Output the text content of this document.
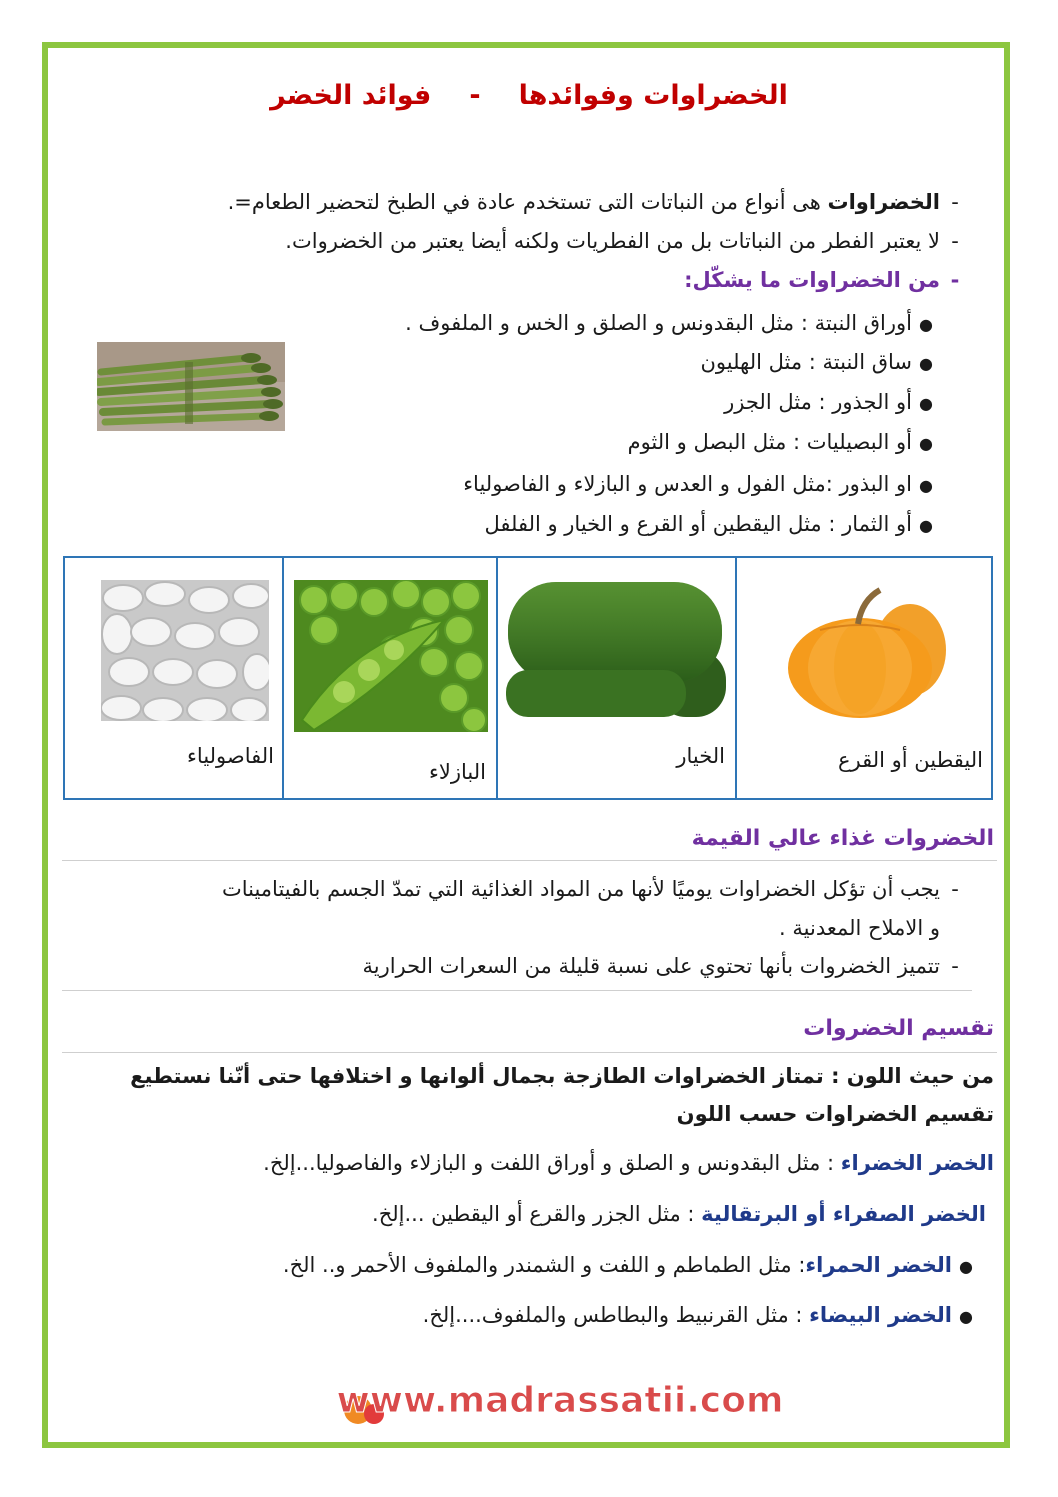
الخضراوات وفوائدها-فوائد الخضر
-الخضراوات هى أنواع من النباتات التى تستخدم عادة في الطبخ لتحضير الطعام=.
-لا يعتبر الفطر من النباتات بل من الفطريات ولكنه أيضا يعتبر من الخضروات.
-من الخضراوات ما يشكّل:
●أوراق النبتة : مثل البقدونس و الصلق و الخس و الملفوف .
●ساق النبتة : مثل الهليون
●أو الجذور : مثل الجزر
●أو البصيليات : مثل البصل و الثوم
●او البذور :مثل الفول و العدس و البازلاء و الفاصولياء
●أو الثمار : مثل اليقطين أو القرع و الخيار و الفلفل
اليقطين أو القرع
الخيار
البازلاء
الفاصولياء
الخضروات غذاء عالي القيمة
-يجب أن تؤكل الخضراوات يوميًا لأنها من المواد الغذائية التي تمدّ الجسم بالفيتامينات
و الاملاح المعدنية .
-تتميز الخضروات بأنها تحتوي على نسبة قليلة من السعرات الحرارية
تقسيم الخضروات
من حيث اللون : تمتاز الخضراوات الطازجة بجمال ألوانها و اختلافها حتى أنّنا نستطيع
تقسيم الخضراوات حسب اللون
الخضر الخضراء : مثل البقدونس و الصلق و أوراق اللفت و البازلاء والفاصوليا...إلخ.
الخضر الصفراء أو البرتقالية : مثل الجزر والقرع أو اليقطين ...إلخ.
●الخضر الحمراء: مثل الطماطم و اللفت و الشمندر والملفوف الأحمر و.. الخ.
●الخضر البيضاء : مثل القرنبيط والبطاطس والملفوف....إلخ.
www.madrassatii.com
